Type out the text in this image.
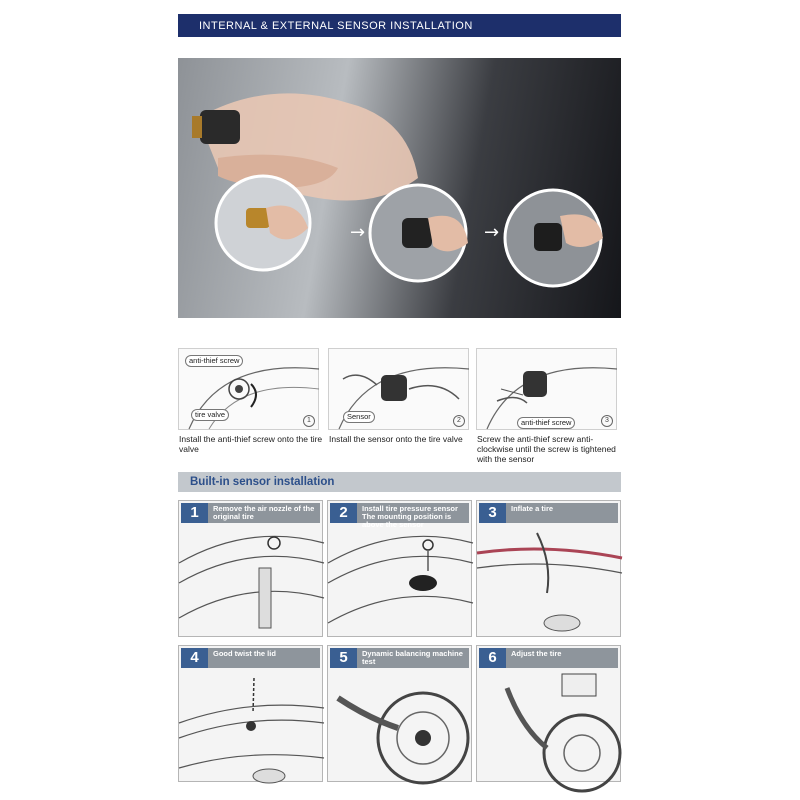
INTERNAL & EXTERNAL SENSOR INSTALLATION
→	→
anti-thief screw
tire valve
1	Sensor	2	anti-thief screw	3
Install the anti-thief screw onto the tire valve
Install the sensor onto the tire valve	Screw the anti-thief screw anti-clockwise until the screw is tightened with the sensor
Built-in sensor installation
1	Remove the air nozzle of the original tire	2	Install tire pressure sensor The mounting position is above the sensor
3	Inflate a tire
4	Good twist the lid	5	Dynamic balancing machine test	6	Adjust the tire
